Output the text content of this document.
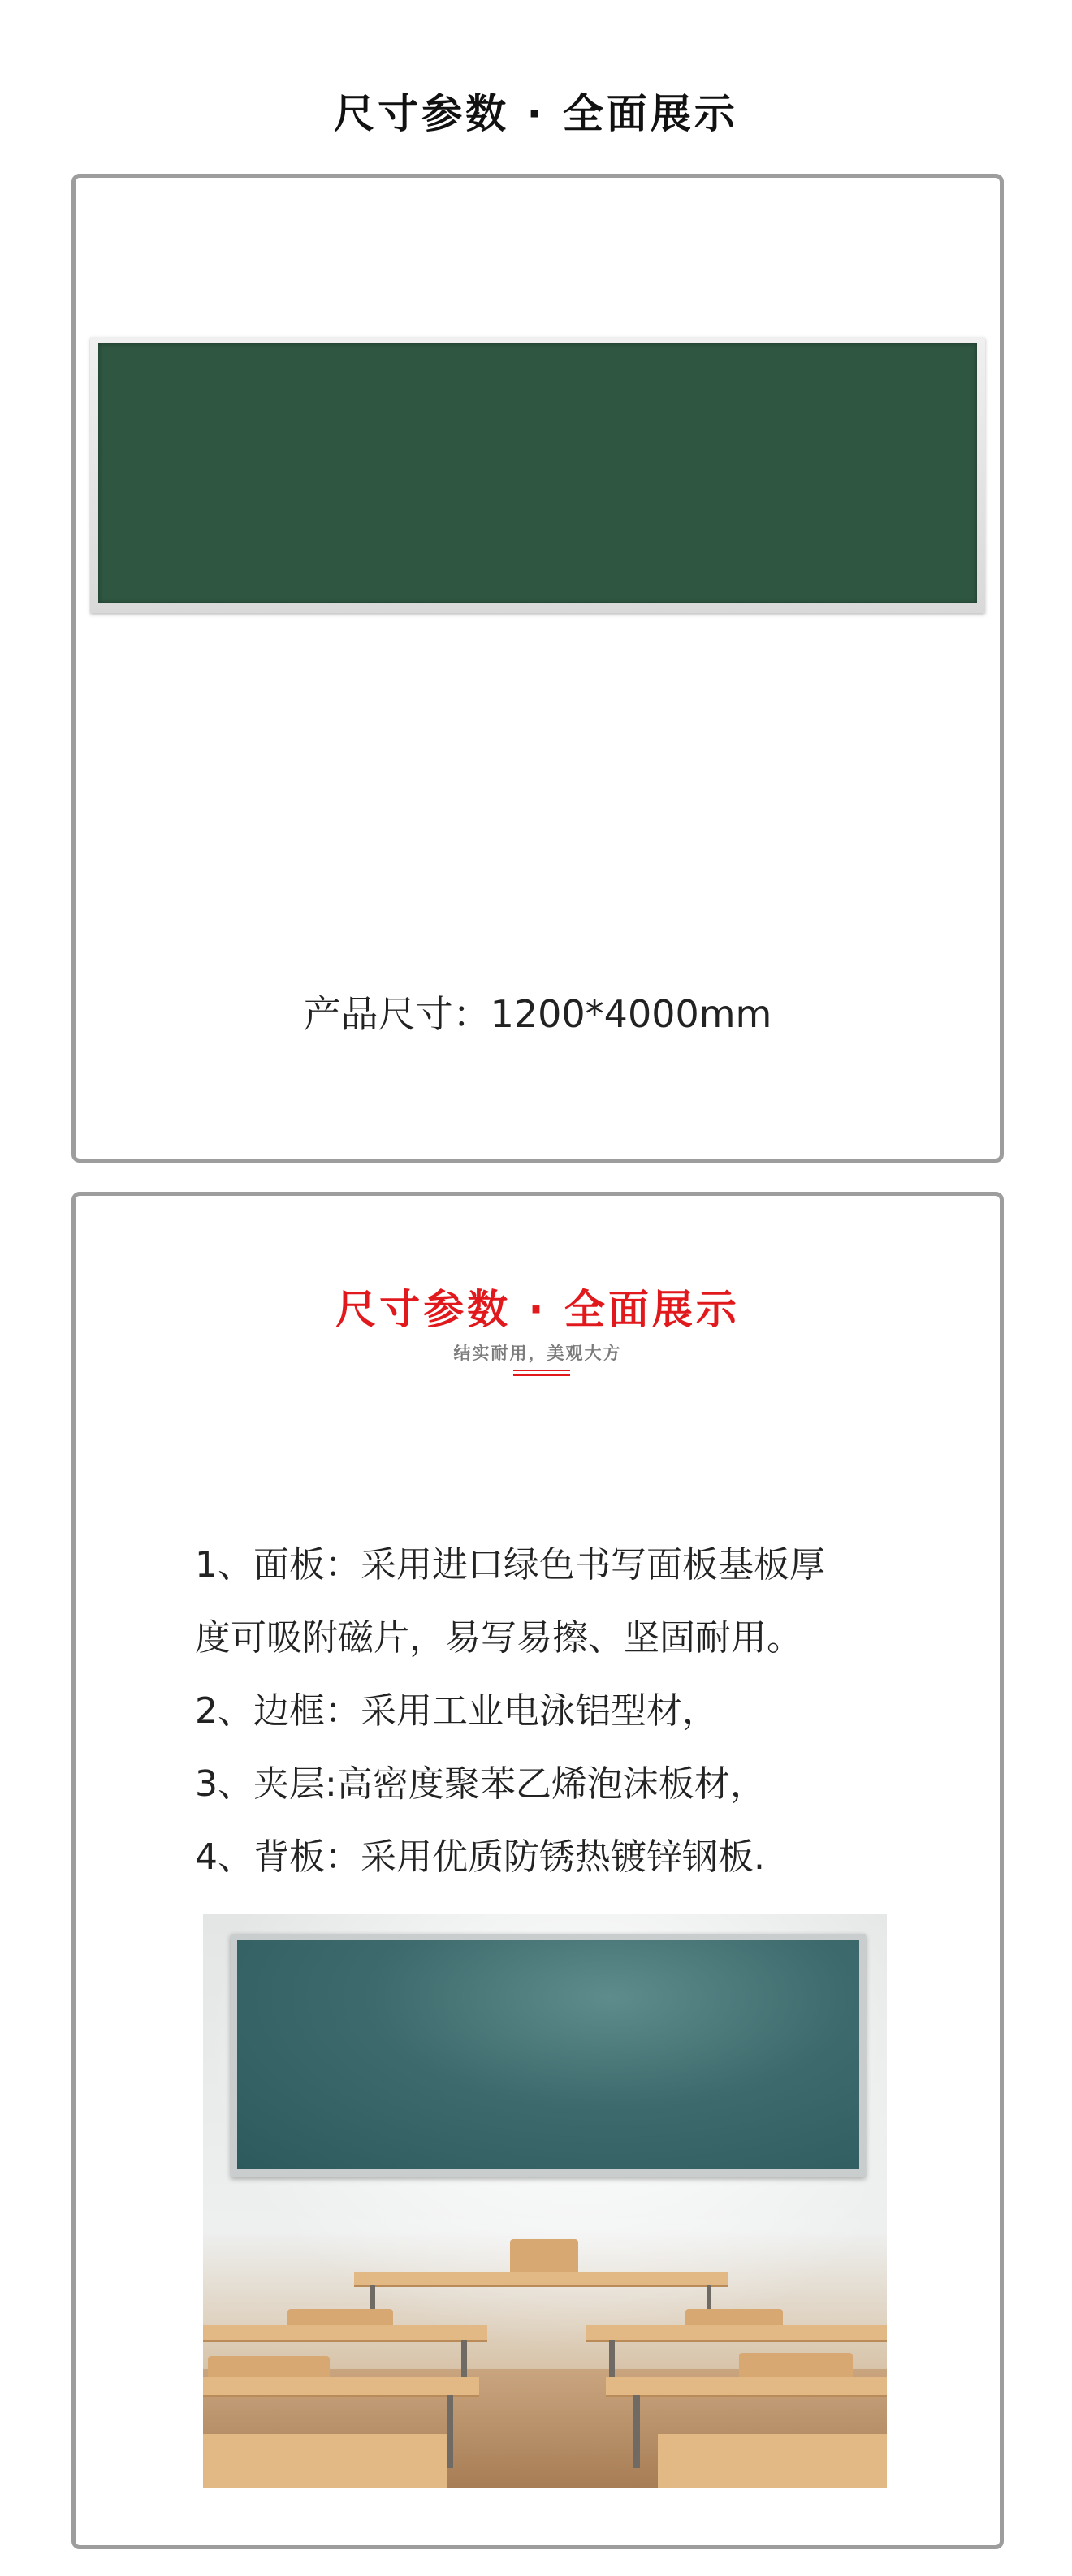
尺寸参数 · 全面展示
产品尺寸：1200*4000mm
尺寸参数 · 全面展示
结实耐用，美观大方
1、面板：采用进口绿色书写面板基板厚
度可吸附磁片，易写易擦、坚固耐用。
2、边框：采用工业电泳铝型材，
3、夹层:高密度聚苯乙烯泡沫板材，
4、背板：采用优质防锈热镀锌钢板.
